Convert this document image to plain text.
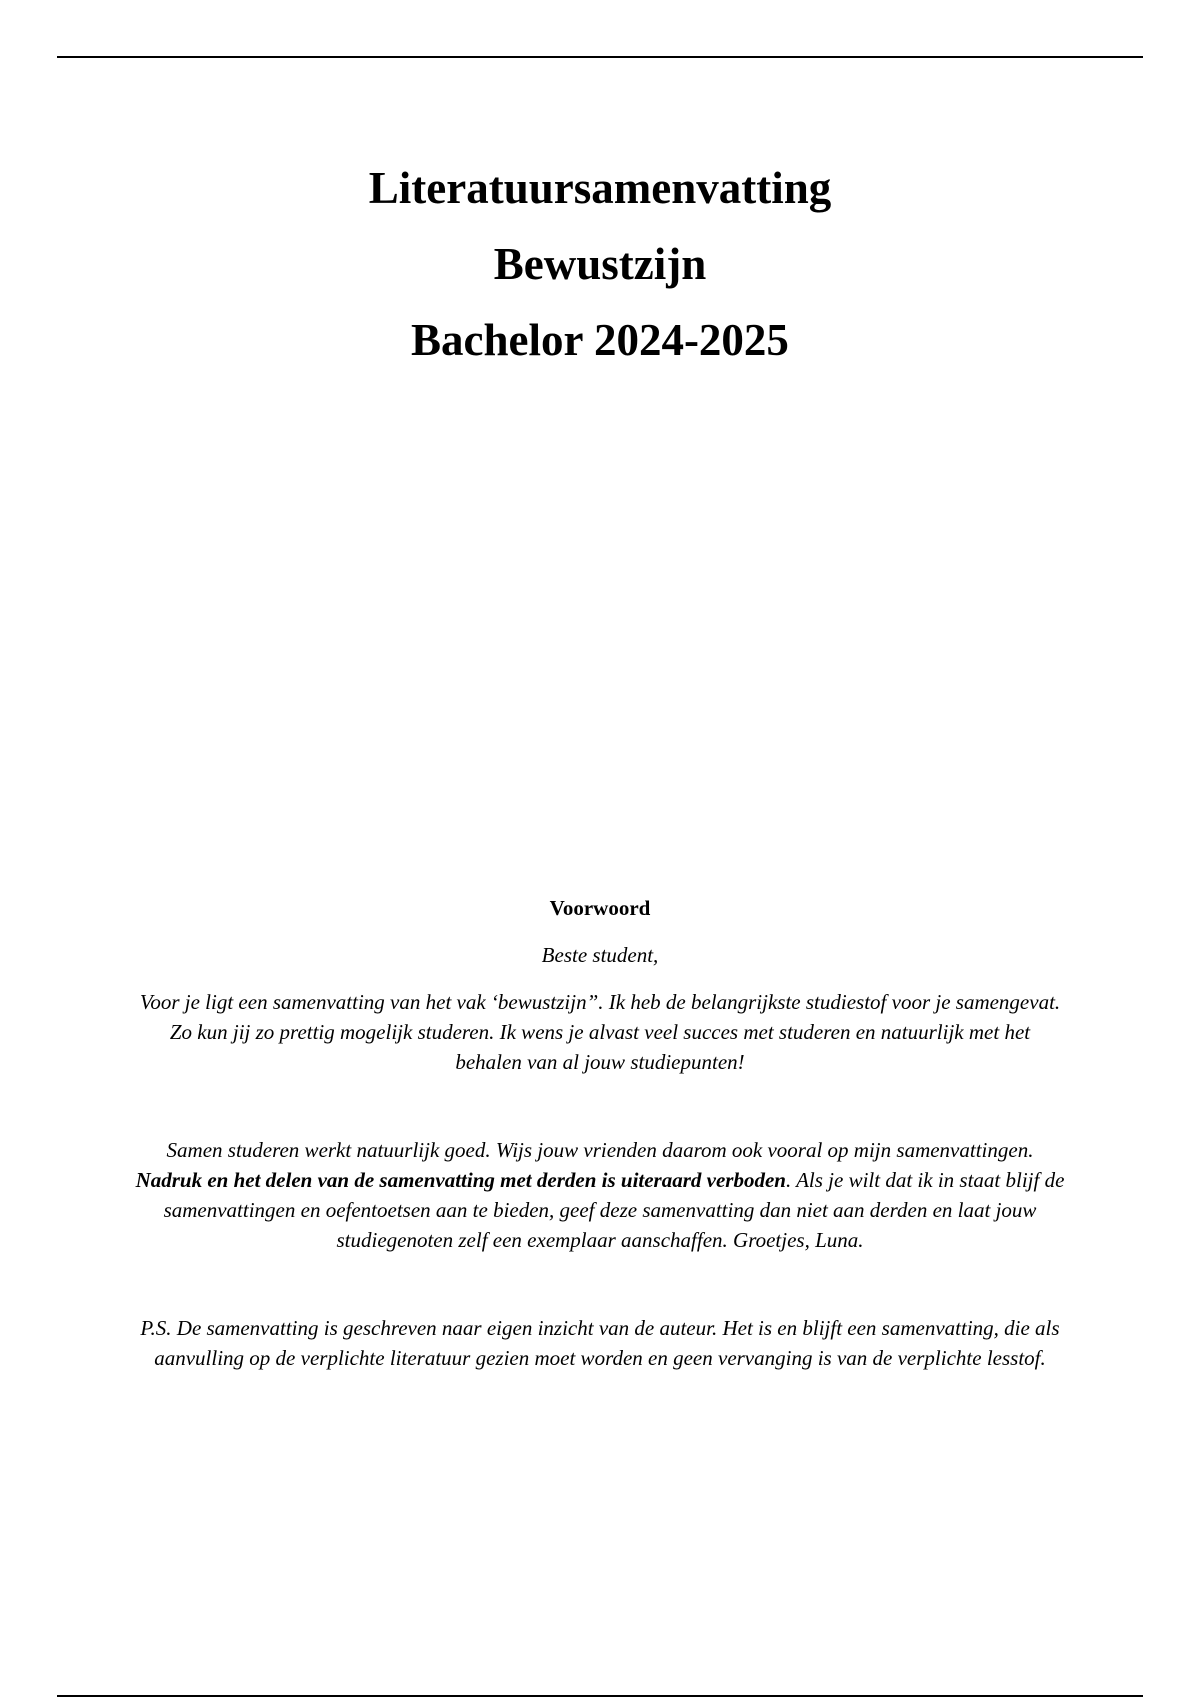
Literatuursamenvatting
Bewustzijn
Bachelor 2024-2025
Voorwoord

Beste student,

Voor je ligt een samenvatting van het vak ‘bewustzijn”. Ik heb de belangrijkste studiestof voor je samengevat. Zo kun jij zo prettig mogelijk studeren. Ik wens je alvast veel succes met studeren en natuurlijk met het behalen van al jouw studiepunten!

Samen studeren werkt natuurlijk goed. Wijs jouw vrienden daarom ook vooral op mijn samenvattingen. Nadruk en het delen van de samenvatting met derden is uiteraard verboden. Als je wilt dat ik in staat blijf de samenvattingen en oefentoetsen aan te bieden, geef deze samenvatting dan niet aan derden en laat jouw studiegenoten zelf een exemplaar aanschaffen. Groetjes, Luna.

P.S. De samenvatting is geschreven naar eigen inzicht van de auteur. Het is en blijft een samenvatting, die als aanvulling op de verplichte literatuur gezien moet worden en geen vervanging is van de verplichte lesstof.
